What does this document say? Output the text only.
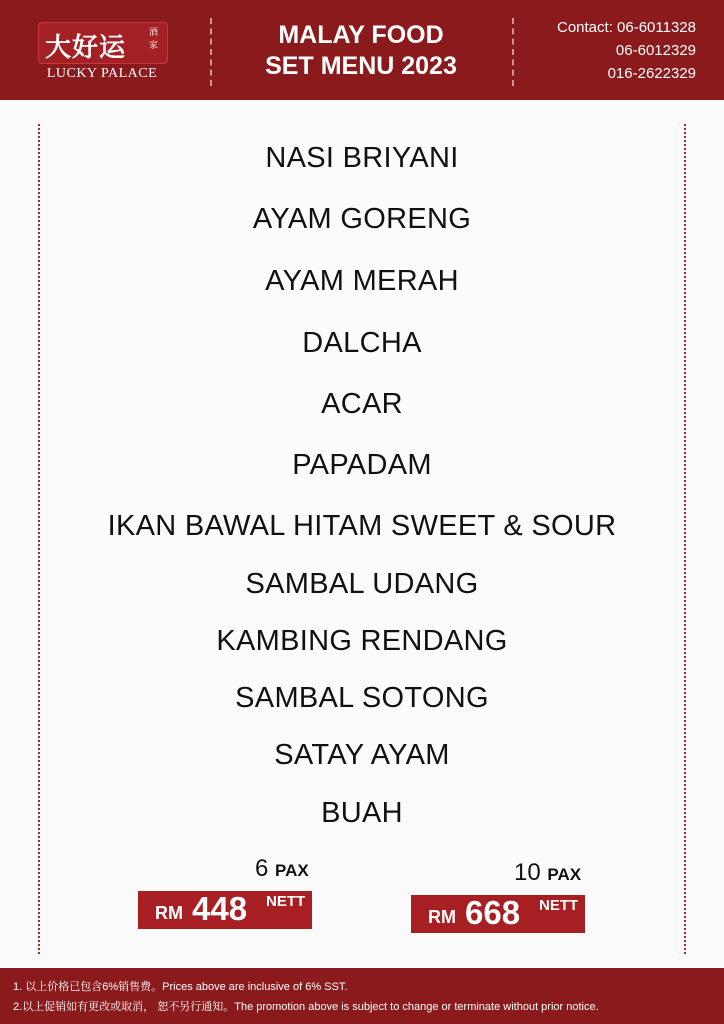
大好运	酒家
LUCKY PALACE
MALAY FOOD
SET MENU 2023
Contact: 06-6011328
06-6012329
016-2622329
NASI BRIYANI
AYAM GORENG
AYAM MERAH
DALCHA
ACAR
PAPADAM
IKAN BAWAL HITAM SWEET & SOUR
SAMBAL UDANG
KAMBING RENDANG
SAMBAL SOTONG
SATAY AYAM
BUAH
6 PAX
RM 448 NETT
10 PAX
RM 668 NETT
1. 以上价格已包含6%销售费。Prices above are inclusive of 6% SST.
2.以上促销如有更改或取消， 恕不另行通知。The promotion above is subject to change or terminate without prior notice.
